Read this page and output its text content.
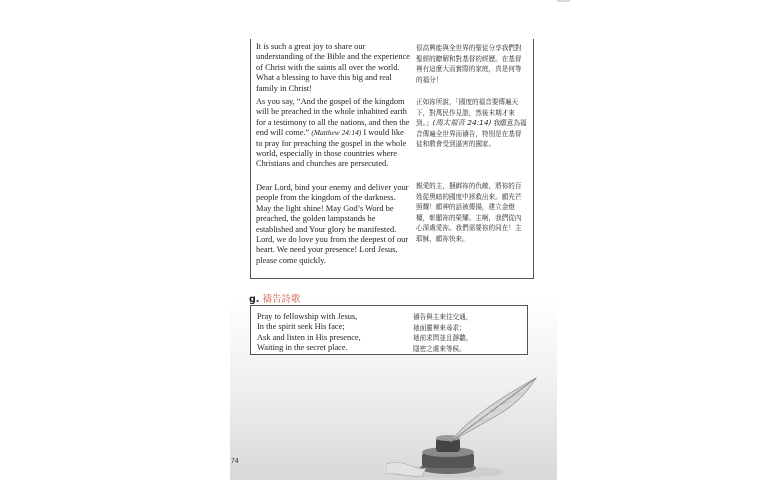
It is such a great joy to share our understanding of the Bible and the experience of Christ with the saints all over the world. What a blessing to have this big and real family in Christ!

As you say, “And the gospel of the kingdom will be preached in the whole inhabited earth for a testimony to all the nations, and then the end will come.” (Matthew 24:14) I would like to pray for preaching the gospel in the whole world, especially in those countries where Christians and churches are persecuted.

Dear Lord, bind your enemy and deliver your people from the kingdom of the darkness. May the light shine! May God’s Word be preached, the golden lampstands be established and Your glory be manifested. Lord, we do love you from the deepest of our heart. We need your presence! Lord Jesus, please come quickly.

很高興能與全世界的聖徒分享我們對聖經的瞭解和對基督的經歷。在基督裡有這麼大而實際的家庭，真是何等的福分！

正如祢所說，「國度的福音要傳遍天下，對萬民作見證，然後末期才來到。」(馬太福音 24:14) 我願意為福音傳遍全世界而禱告，特別是在基督徒和教會受到逼害的國家。

親愛的主，捆綁祢的仇敵，將祢的百姓從黑暗的國度中拯救出來。願光芒照耀！願神的話被傳揚，建立金燈檯，彰顯祢的榮耀。主啊，我們從內心深處愛祢。我們需要祢的同在！主耶穌，願祢快來。

g. 禱告詩歌
Pray to fellowship with Jesus,
In the spirit seek His face;
Ask and listen in His presence,
Waiting in the secret place.
禱告與主來往交通，
祂面靈裡來尋求；
祂前求問並且靜聽，
隱密之處來等候。
74
